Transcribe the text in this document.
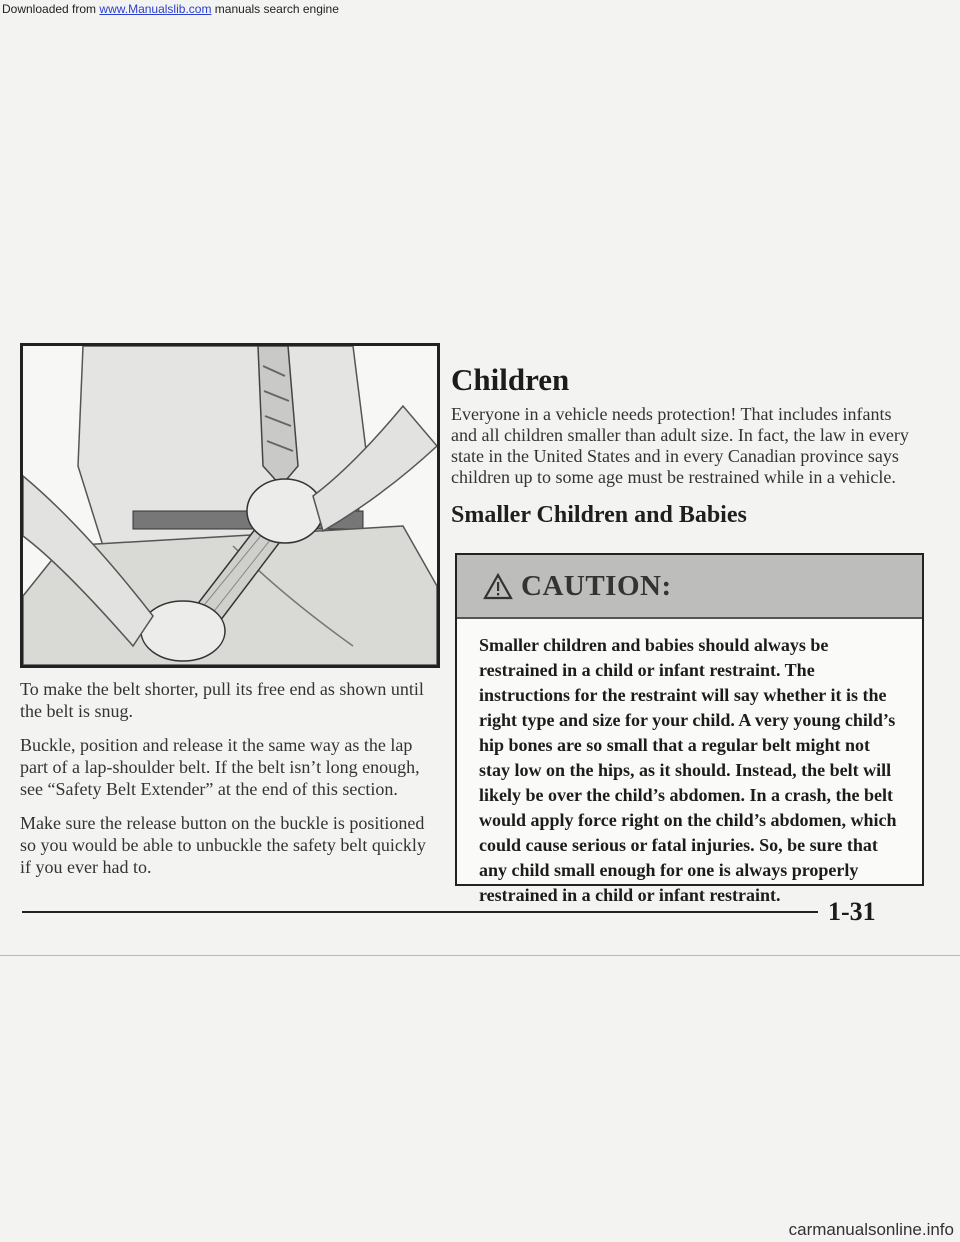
Downloaded from www.Manualslib.com manuals search engine

To make the belt shorter, pull its free end as shown until the belt is snug.

Buckle, position and release it the same way as the lap part of a lap-shoulder belt. If the belt isn’t long enough, see “Safety Belt Extender” at the end of this section.

Make sure the release button on the buckle is positioned so you would be able to unbuckle the safety belt quickly if you ever had to.

Children

Everyone in a vehicle needs protection! That includes infants and all children smaller than adult size. In fact, the law in every state in the United States and in every Canadian province says children up to some age must be restrained while in a vehicle.

Smaller Children and Babies
CAUTION:
Smaller children and babies should always be restrained in a child or infant restraint. The instructions for the restraint will say whether it is the right type and size for your child. A very young child’s hip bones are so small that a regular belt might not stay low on the hips, as it should. Instead, the belt will likely be over the child’s abdomen. In a crash, the belt would apply force right on the child’s abdomen, which could cause serious or fatal injuries. So, be sure that any child small enough for one is always properly restrained in a child or infant restraint.
1-31
carmanualsonline.info
